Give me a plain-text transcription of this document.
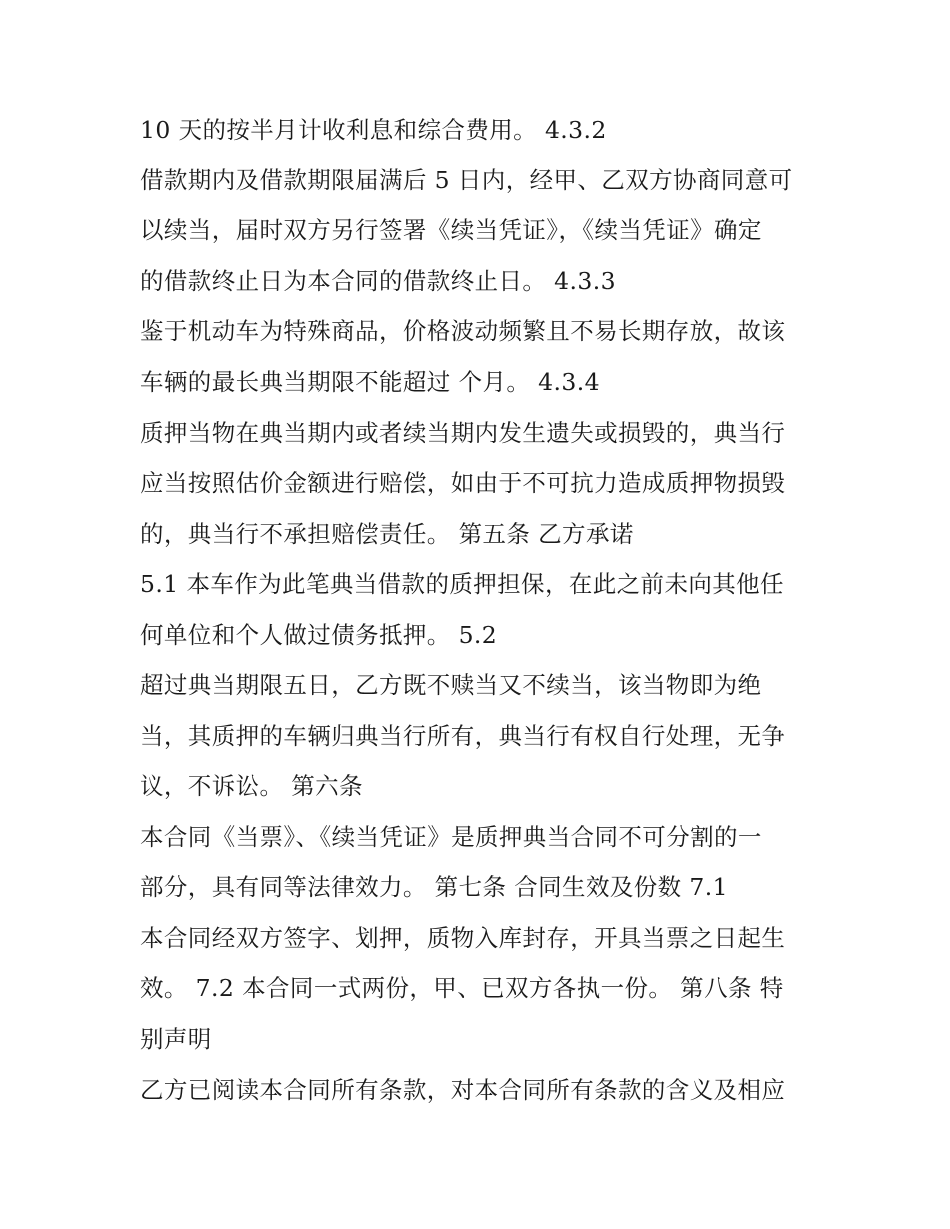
10 天的按半月计收利息和综合费用。 4.3.2
借款期内及借款期限届满后 5 日内，经甲、乙双方协商同意可
以续当，届时双方另行签署《续当凭证》，《续当凭证》确定
的借款终止日为本合同的借款终止日。 4.3.3
鉴于机动车为特殊商品，价格波动频繁且不易长期存放，故该
车辆的最长典当期限不能超过 个月。 4.3.4
质押当物在典当期内或者续当期内发生遗失或损毁的，典当行
应当按照估价金额进行赔偿，如由于不可抗力造成质押物损毁
的，典当行不承担赔偿责任。 第五条 乙方承诺
5.1 本车作为此笔典当借款的质押担保，在此之前未向其他任
何单位和个人做过债务抵押。 5.2
超过典当期限五日，乙方既不赎当又不续当，该当物即为绝
当，其质押的车辆归典当行所有，典当行有权自行处理，无争
议，不诉讼。 第六条
本合同《当票》、《续当凭证》是质押典当合同不可分割的一
部分，具有同等法律效力。 第七条 合同生效及份数 7.1
本合同经双方签字、划押，质物入库封存，开具当票之日起生
效。 7.2 本合同一式两份，甲、已双方各执一份。 第八条 特
别声明
乙方已阅读本合同所有条款，对本合同所有条款的含义及相应
